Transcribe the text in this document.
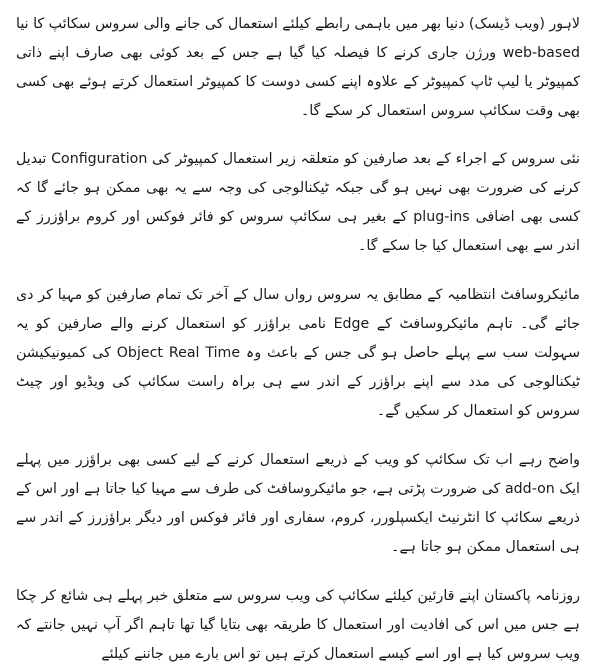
لاہور (ویب ڈیسک) دنیا بھر میں باہمی رابطے کیلئے استعمال کی جانے والی سروس سکائپ کا نیا web-based ورژن جاری کرنے کا فیصلہ کیا گیا ہے جس کے بعد کوئی بھی صارف اپنے ذاتی کمپیوٹر یا لیپ ٹاپ کمپیوٹر کے علاوہ اپنے کسی دوست کا کمپیوٹر استعمال کرتے ہوئے بھی کسی بھی وقت سکائپ سروس استعمال کر سکے گا۔

نئی سروس کے اجراء کے بعد صارفین کو متعلقہ زیر استعمال کمپیوٹر کی Configuration تبدیل کرنے کی ضرورت بھی نہیں ہو گی جبکہ ٹیکنالوجی کی وجہ سے یہ بھی ممکن ہو جائے گا کہ کسی بھی اضافی plug-ins کے بغیر ہی سکائپ سروس کو فائر فوکس اور کروم براؤزرز کے اندر سے بھی استعمال کیا جا سکے گا۔

مائیکروسافٹ انتظامیہ کے مطابق یہ سروس رواں سال کے آخر تک تمام صارفین کو مہیا کر دی جائے گی۔ تاہم مائیکروسافٹ کے Edge نامی براؤزر کو استعمال کرنے والے صارفین کو یہ سہولت سب سے پہلے حاصل ہو گی جس کے باعث وہ Object Real Time کی کمیونیکیشن ٹیکنالوجی کی مدد سے اپنے براؤزر کے اندر سے ہی براہ راست سکائپ کی ویڈیو اور چیٹ سروس کو استعمال کر سکیں گے۔

واضح رہے اب تک سکائپ کو ویب کے ذریعے استعمال کرنے کے لیے کسی بھی براؤزر میں پہلے ایک add-on کی ضرورت پڑتی ہے، جو مائیکروسافٹ کی طرف سے مہیا کیا جاتا ہے اور اس کے ذریعے سکائپ کا انٹرنیٹ ایکسپلورر، کروم، سفاری اور فائر فوکس اور دیگر براؤزرز کے اندر سے ہی استعمال ممکن ہو جاتا ہے۔

روزنامہ پاکستان اپنے قارئین کیلئے سکائپ کی ویب سروس سے متعلق خبر پہلے ہی شائع کر چکا ہے جس میں اس کی افادیت اور استعمال کا طریقہ بھی بتایا گیا تھا تاہم اگر آپ نہیں جانتے کہ ویب سروس کیا ہے اور اسے کیسے استعمال کرتے ہیں تو اس بارے میں جاننے کیلئے
